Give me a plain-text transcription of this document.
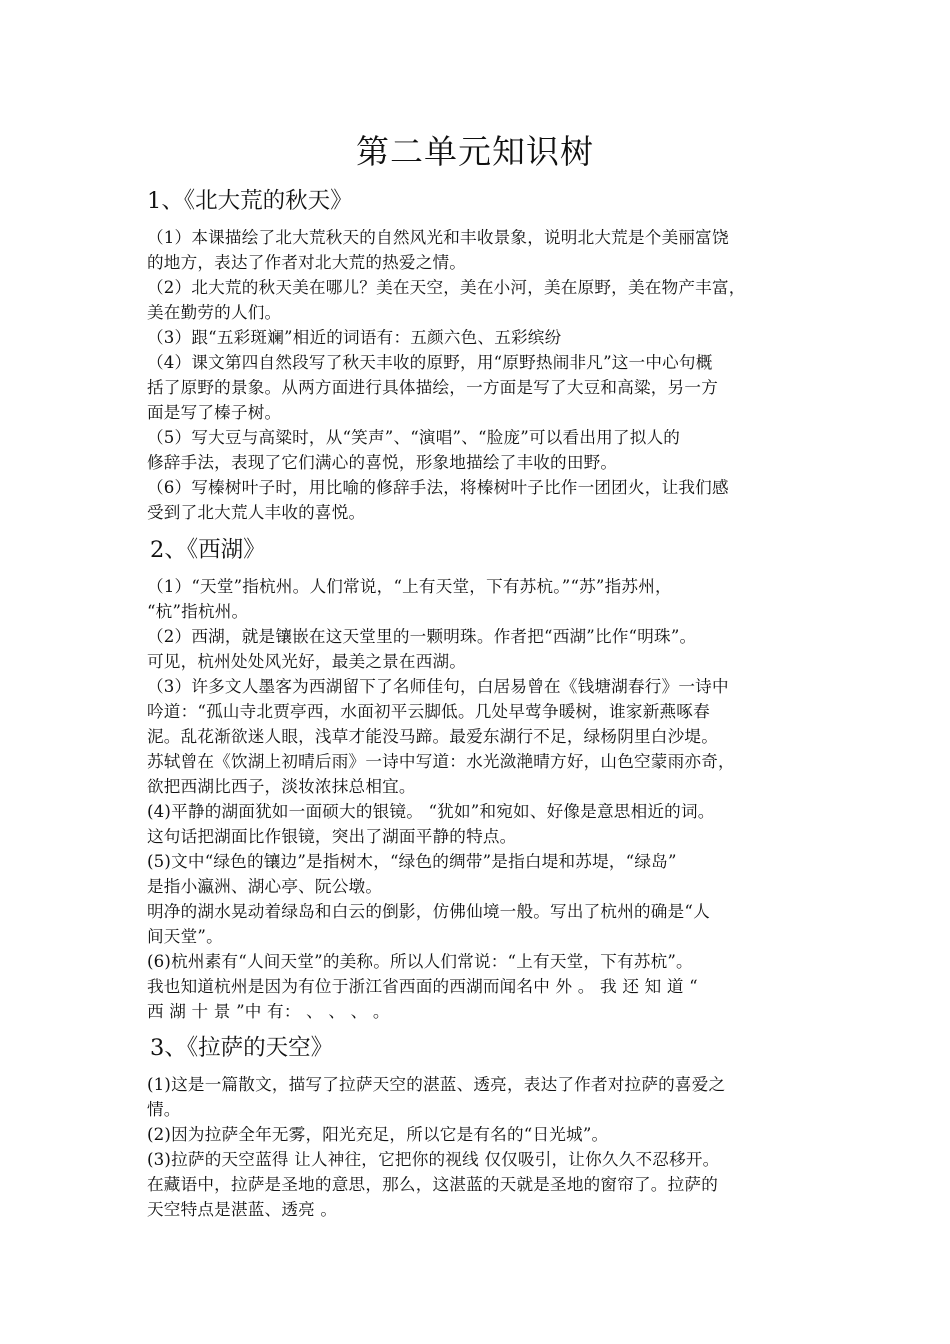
第二单元知识树
1、《北大荒的秋天》
（1）本课描绘了北大荒秋天的自然风光和丰收景象，说明北大荒是个美丽富饶
的地方，表达了作者对北大荒的热爱之情。
（2）北大荒的秋天美在哪儿？美在天空，美在小河，美在原野，美在物产丰富，
美在勤劳的人们。
（3）跟“五彩斑斓”相近的词语有：五颜六色、五彩缤纷
（4）课文第四自然段写了秋天丰收的原野，用“原野热闹非凡”这一中心句概
括了原野的景象。从两方面进行具体描绘，一方面是写了大豆和高粱，另一方
面是写了榛子树。
（5）写大豆与高粱时，从“笑声”、“演唱”、“脸庞”可以看出用了拟人的
修辞手法，表现了它们满心的喜悦，形象地描绘了丰收的田野。
（6）写榛树叶子时，用比喻的修辞手法，将榛树叶子比作一团团火，让我们感
受到了北大荒人丰收的喜悦。
2、《西湖》
（1）“天堂”指杭州。人们常说，“上有天堂，下有苏杭。”“苏”指苏州，
“杭”指杭州。
（2）西湖，就是镶嵌在这天堂里的一颗明珠。作者把“西湖”比作“明珠”。
可见，杭州处处风光好，最美之景在西湖。
（3）许多文人墨客为西湖留下了名师佳句，白居易曾在《钱塘湖春行》一诗中
吟道：“孤山寺北贾亭西，水面初平云脚低。几处早莺争暖树，谁家新燕啄春
泥。乱花渐欲迷人眼，浅草才能没马蹄。最爱东湖行不足，绿杨阴里白沙堤。
苏轼曾在《饮湖上初晴后雨》一诗中写道：水光潋滟晴方好，山色空蒙雨亦奇，
欲把西湖比西子，淡妆浓抹总相宜。
(4)平静的湖面犹如一面硕大的银镜。 “犹如”和宛如、好像是意思相近的词。
这句话把湖面比作银镜，突出了湖面平静的特点。
(5)文中“绿色的镶边”是指树木，“绿色的绸带”是指白堤和苏堤，“绿岛”
是指小瀛洲、湖心亭、阮公墩。
明净的湖水晃动着绿岛和白云的倒影，仿佛仙境一般。写出了杭州的确是“人
间天堂”。
(6)杭州素有“人间天堂”的美称。所以人们常说：“上有天堂，下有苏杭”。
我也知道杭州是因为有位于浙江省西面的西湖而闻名中 外 。 我 还 知 道 “
西 湖 十 景 ”中 有： 、 、 、 。
3、《拉萨的天空》
(1)这是一篇散文，描写了拉萨天空的湛蓝、透亮，表达了作者对拉萨的喜爱之
情。
(2)因为拉萨全年无雾，阳光充足，所以它是有名的“日光城”。
(3)拉萨的天空蓝得 让人神往，它把你的视线 仅仅吸引，让你久久不忍移开。
在藏语中，拉萨是圣地的意思，那么，这湛蓝的天就是圣地的窗帘了。拉萨的
天空特点是湛蓝、透亮 。
